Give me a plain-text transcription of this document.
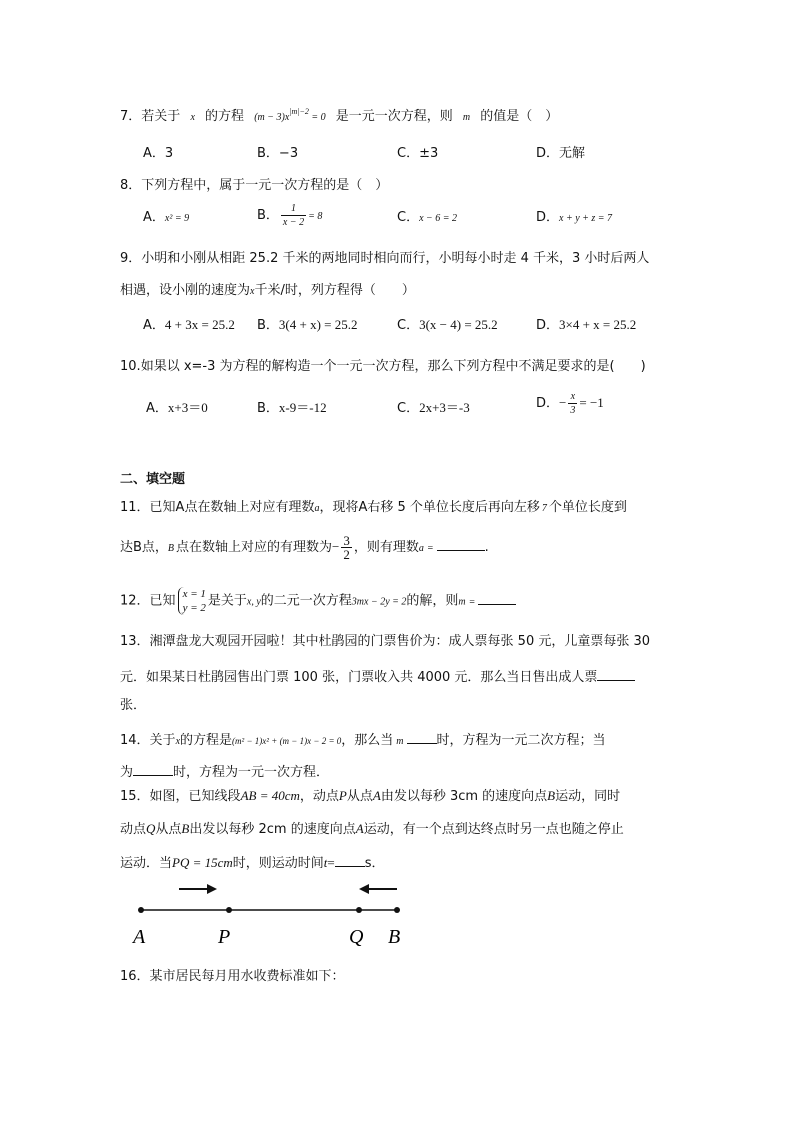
7．若关于 x 的方程 $(m - 3)x^{|m|-2} = 0$ 是一元一次方程，则 m 的值是（　）
A．3	B．−3	C．±3	D．无解
8．下列方程中，属于一元一次方程的是（　）
A．x² = 9	B． $\frac{1}{x - 2} = 8$	C．x − 6 = 2	D．x + y + z = 7
9．小明和小刚从相距 25.2 千米的两地同时相向而行，小明每小时走 4 千米，3 小时后两人
相遇，设小刚的速度为x千米/时，列方程得（　　）
A．4 + 3x = 25.2 B．3(4 + x) = 25.2	C．3(x − 4) = 25.2	D．3×4 + x = 25.2
10.如果以 x=-3 为方程的解构造一个一元一次方程，那么下列方程中不满足要求的是(　　)
A．x+3＝0	B．x-9＝-12	C．2x+3＝-3	D．− $\frac{x}{3} = -1$
二、填空题
11．已知A点在数轴上对应有理数a，现将A右移 5 个单位长度后再向左移 7 个单位长度到
达B点，B 点在数轴上对应的有理数为− $\frac{3}{2}$ ，则有理数a =	.
12．已知 x = 1
y = 2 是关于x, y的二元一次方程3mx − 2y = 2的解，则m =
13．湘潭盘龙大观园开园啦！其中杜鹃园的门票售价为：成人票每张 50 元，儿童票每张 30
元．如果某日杜鹃园售出门票 100 张，门票收入共 4000 元．那么当日售出成人票
张．
14．关于x的方程是(m² − 1)x² + (m − 1)x − 2 = 0，那么当 m	时，方程为一元二次方程；当
为	时，方程为一元一次方程．
15．如图，已知线段AB = 40cm，动点P从点A由发以每秒 3cm 的速度向点B运动，同时
动点Q从点B出发以每秒 2cm 的速度向点A运动，有一个点到达终点时另一点也随之停止
运动．当PQ = 15cm时，则运动时间t= s．
A	P	Q B
16．某市居民每月用水收费标准如下：
